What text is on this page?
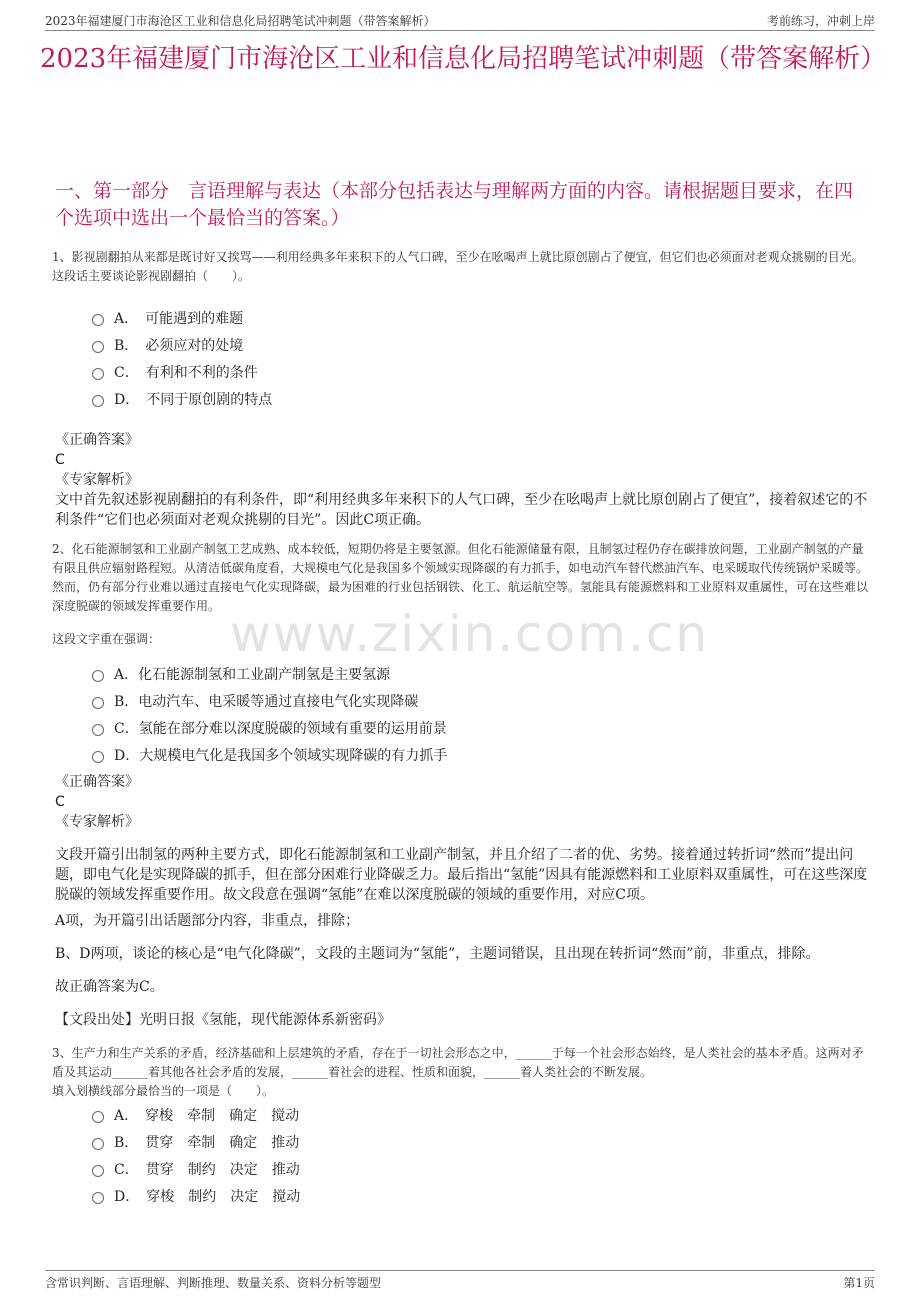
2023年福建厦门市海沧区工业和信息化局招聘笔试冲刺题（带答案解析）	考前练习，冲刺上岸
2023年福建厦门市海沧区工业和信息化局招聘笔试冲刺题（带答案解析）
一、第一部分　言语理解与表达（本部分包括表达与理解两方面的内容。请根据题目要求，在四个选项中选出一个最恰当的答案。）
www.zixin.com.cn

1、影视剧翻拍从来都是既讨好又挨骂——利用经典多年来积下的人气口碑，至少在吆喝声上就比原创剧占了便宜，但它们也必须面对老观众挑剔的目光。

这段话主要谈论影视剧翻拍（　　）。

A．　可能遇到的难题
B．　必须应对的处境
C．　有利和不利的条件
D．　不同于原创剧的特点

《正确答案》

C

《专家解析》

文中首先叙述影视剧翻拍的有利条件，即“利用经典多年来积下的人气口碑，至少在吆喝声上就比原创剧占了便宜”，接着叙述它的不利条件“它们也必须面对老观众挑剔的目光”。因此C项正确。

2、化石能源制氢和工业副产制氢工艺成熟、成本较低，短期仍将是主要氢源。但化石能源储量有限，且制氢过程仍存在碳排放问题，工业副产制氢的产量有限且供应辐射路程短。从清洁低碳角度看，大规模电气化是我国多个领域实现降碳的有力抓手，如电动汽车替代燃油汽车、电采暖取代传统锅炉采暖等。然而，仍有部分行业难以通过直接电气化实现降碳，最为困难的行业包括钢铁、化工、航运航空等。氢能具有能源燃料和工业原料双重属性，可在这些难以深度脱碳的领域发挥重要作用。

这段文字重在强调：
A．化石能源制氢和工业副产制氢是主要氢源
B．电动汽车、电采暖等通过直接电气化实现降碳
C．氢能在部分难以深度脱碳的领域有重要的运用前景
D．大规模电气化是我国多个领域实现降碳的有力抓手

《正确答案》

C

《专家解析》

文段开篇引出制氢的两种主要方式，即化石能源制氢和工业副产制氢，并且介绍了二者的优、劣势。接着通过转折词“然而”提出问题，即电气化是实现降碳的抓手，但在部分困难行业降碳乏力。最后指出“氢能”因具有能源燃料和工业原料双重属性，可在这些深度脱碳的领域发挥重要作用。故文段意在强调“氢能”在难以深度脱碳的领域的重要作用，对应C项。
A项，为开篇引出话题部分内容，非重点，排除；
B、D两项，谈论的核心是“电气化降碳”，文段的主题词为“氢能”，主题词错误，且出现在转折词“然而”前，非重点，排除。
故正确答案为C。
【文段出处】光明日报《氢能，现代能源体系新密码》

3、生产力和生产关系的矛盾，经济基础和上层建筑的矛盾，存在于一切社会形态之中，______于每一个社会形态始终，是人类社会的基本矛盾。这两对矛盾及其运动______着其他各社会矛盾的发展，______着社会的进程、性质和面貌，______着人类社会的不断发展。

填入划横线部分最恰当的一项是（　　）。

A．　穿梭　牵制　确定　搅动
B．　贯穿　牵制　确定　推动
C．　贯穿　制约　决定　推动
D．　穿梭　制约　决定　搅动
含常识判断、言语理解、判断推理、数量关系、资料分析等题型	第1页
